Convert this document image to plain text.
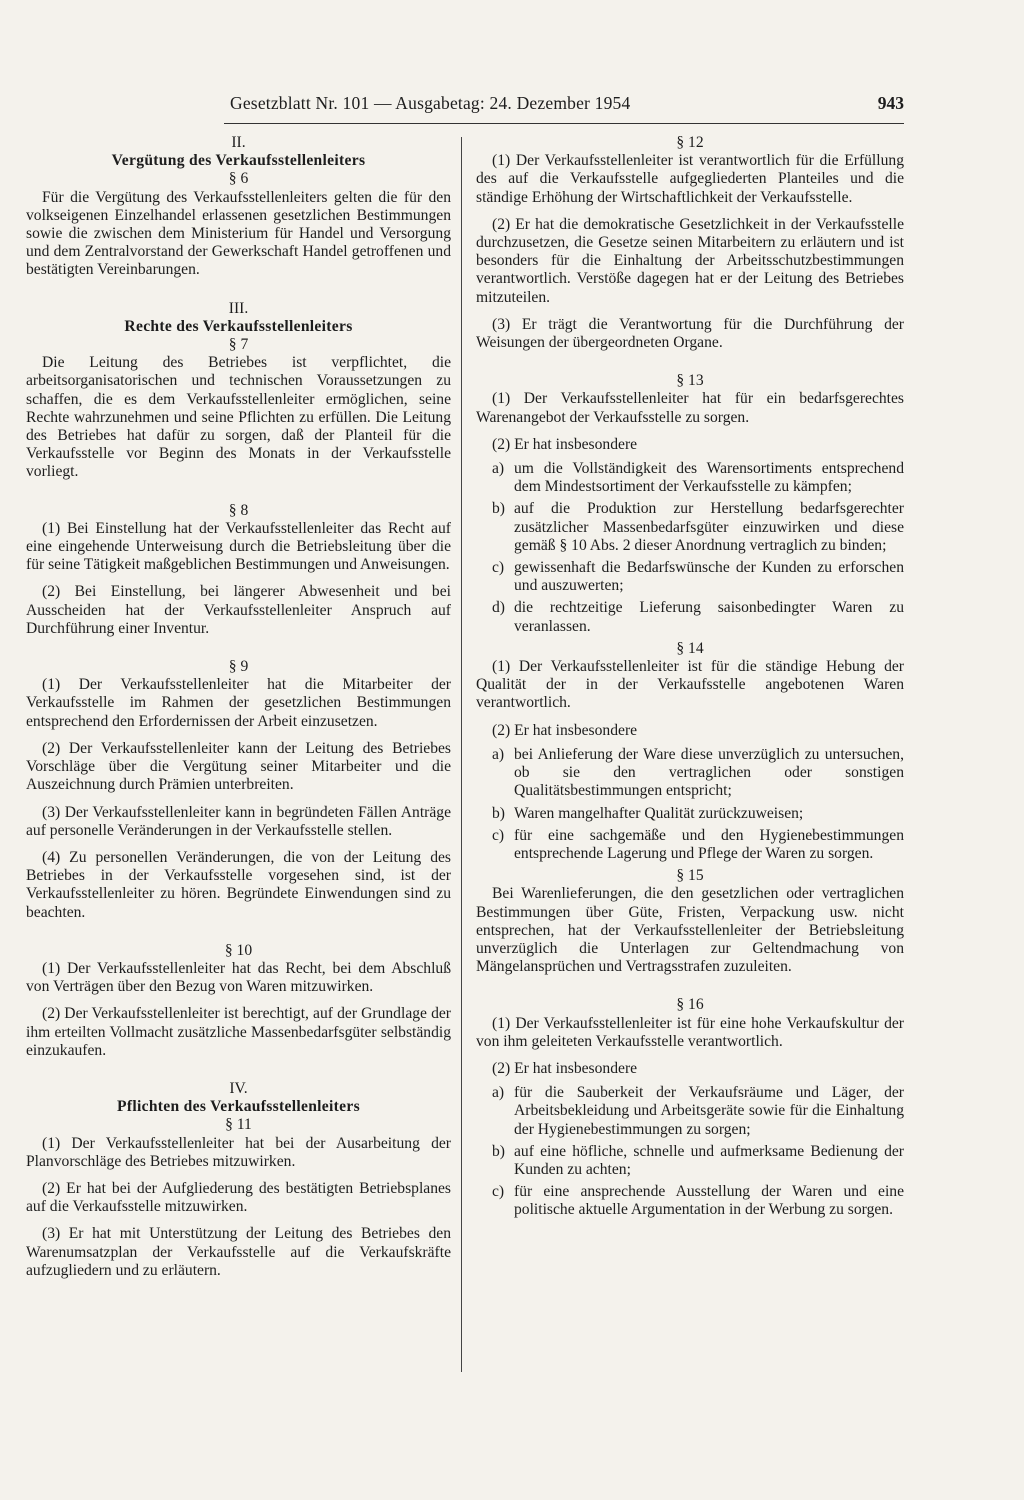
Gesetzblatt Nr. 101 — Ausgabetag: 24. Dezember 1954	943

II.

Vergütung des Verkaufsstellenleiters

§ 6

Für die Vergütung des Verkaufsstellenleiters gelten die für den volkseigenen Einzelhandel erlassenen gesetzlichen Bestimmungen sowie die zwischen dem Ministerium für Handel und Versorgung und dem Zentralvorstand der Gewerkschaft Handel getroffenen und bestätigten Vereinbarungen.

III.

Rechte des Verkaufsstellenleiters

§ 7

Die Leitung des Betriebes ist verpflichtet, die arbeitsorganisatorischen und technischen Voraussetzungen zu schaffen, die es dem Verkaufsstellenleiter ermöglichen, seine Rechte wahrzunehmen und seine Pflichten zu erfüllen. Die Leitung des Betriebes hat dafür zu sorgen, daß der Planteil für die Verkaufsstelle vor Beginn des Monats in der Verkaufsstelle vorliegt.

§ 8

(1) Bei Einstellung hat der Verkaufsstellenleiter das Recht auf eine eingehende Unterweisung durch die Betriebsleitung über die für seine Tätigkeit maßgeblichen Bestimmungen und Anweisungen.

(2) Bei Einstellung, bei längerer Abwesenheit und bei Ausscheiden hat der Verkaufsstellenleiter Anspruch auf Durchführung einer Inventur.

§ 9

(1) Der Verkaufsstellenleiter hat die Mitarbeiter der Verkaufsstelle im Rahmen der gesetzlichen Bestimmungen entsprechend den Erfordernissen der Arbeit einzusetzen.

(2) Der Verkaufsstellenleiter kann der Leitung des Betriebes Vorschläge über die Vergütung seiner Mitarbeiter und die Auszeichnung durch Prämien unterbreiten.

(3) Der Verkaufsstellenleiter kann in begründeten Fällen Anträge auf personelle Veränderungen in der Verkaufsstelle stellen.

(4) Zu personellen Veränderungen, die von der Leitung des Betriebes in der Verkaufsstelle vorgesehen sind, ist der Verkaufsstellenleiter zu hören. Begründete Einwendungen sind zu beachten.

§ 10

(1) Der Verkaufsstellenleiter hat das Recht, bei dem Abschluß von Verträgen über den Bezug von Waren mitzuwirken.

(2) Der Verkaufsstellenleiter ist berechtigt, auf der Grundlage der ihm erteilten Vollmacht zusätzliche Massenbedarfsgüter selbständig einzukaufen.

IV.

Pflichten des Verkaufsstellenleiters

§ 11

(1) Der Verkaufsstellenleiter hat bei der Ausarbeitung der Planvorschläge des Betriebes mitzuwirken.

(2) Er hat bei der Aufgliederung des bestätigten Betriebsplanes auf die Verkaufsstelle mitzuwirken.

(3) Er hat mit Unterstützung der Leitung des Betriebes den Warenumsatzplan der Verkaufsstelle auf die Verkaufskräfte aufzugliedern und zu erläutern.

§ 12

(1) Der Verkaufsstellenleiter ist verantwortlich für die Erfüllung des auf die Verkaufsstelle aufgegliederten Planteiles und die ständige Erhöhung der Wirtschaftlichkeit der Verkaufsstelle.

(2) Er hat die demokratische Gesetzlichkeit in der Verkaufsstelle durchzusetzen, die Gesetze seinen Mitarbeitern zu erläutern und ist besonders für die Einhaltung der Arbeitsschutzbestimmungen verantwortlich. Verstöße dagegen hat er der Leitung des Betriebes mitzuteilen.

(3) Er trägt die Verantwortung für die Durchführung der Weisungen der übergeordneten Organe.

§ 13

(1) Der Verkaufsstellenleiter hat für ein bedarfsgerechtes Warenangebot der Verkaufsstelle zu sorgen.

(2) Er hat insbesondere

a) um die Vollständigkeit des Warensortiments entsprechend dem Mindestsortiment der Verkaufsstelle zu kämpfen;
b) auf die Produktion zur Herstellung bedarfsgerechter zusätzlicher Massenbedarfsgüter einzuwirken und diese gemäß § 10 Abs. 2 dieser Anordnung vertraglich zu binden;
c) gewissenhaft die Bedarfswünsche der Kunden zu erforschen und auszuwerten;
d) die rechtzeitige Lieferung saisonbedingter Waren zu veranlassen.

§ 14

(1) Der Verkaufsstellenleiter ist für die ständige Hebung der Qualität der in der Verkaufsstelle angebotenen Waren verantwortlich.

(2) Er hat insbesondere

a) bei Anlieferung der Ware diese unverzüglich zu untersuchen, ob sie den vertraglichen oder sonstigen Qualitätsbestimmungen entspricht;
b) Waren mangelhafter Qualität zurückzuweisen;
c) für eine sachgemäße und den Hygienebestimmungen entsprechende Lagerung und Pflege der Waren zu sorgen.

§ 15

Bei Warenlieferungen, die den gesetzlichen oder vertraglichen Bestimmungen über Güte, Fristen, Verpackung usw. nicht entsprechen, hat der Verkaufsstellenleiter der Betriebsleitung unverzüglich die Unterlagen zur Geltendmachung von Mängelansprüchen und Vertragsstrafen zuzuleiten.

§ 16

(1) Der Verkaufsstellenleiter ist für eine hohe Verkaufskultur der von ihm geleiteten Verkaufsstelle verantwortlich.

(2) Er hat insbesondere

a) für die Sauberkeit der Verkaufsräume und Läger, der Arbeitsbekleidung und Arbeitsgeräte sowie für die Einhaltung der Hygienebestimmungen zu sorgen;
b) auf eine höfliche, schnelle und aufmerksame Bedienung der Kunden zu achten;
c) für eine ansprechende Ausstellung der Waren und eine politische aktuelle Argumentation in der Werbung zu sorgen.
